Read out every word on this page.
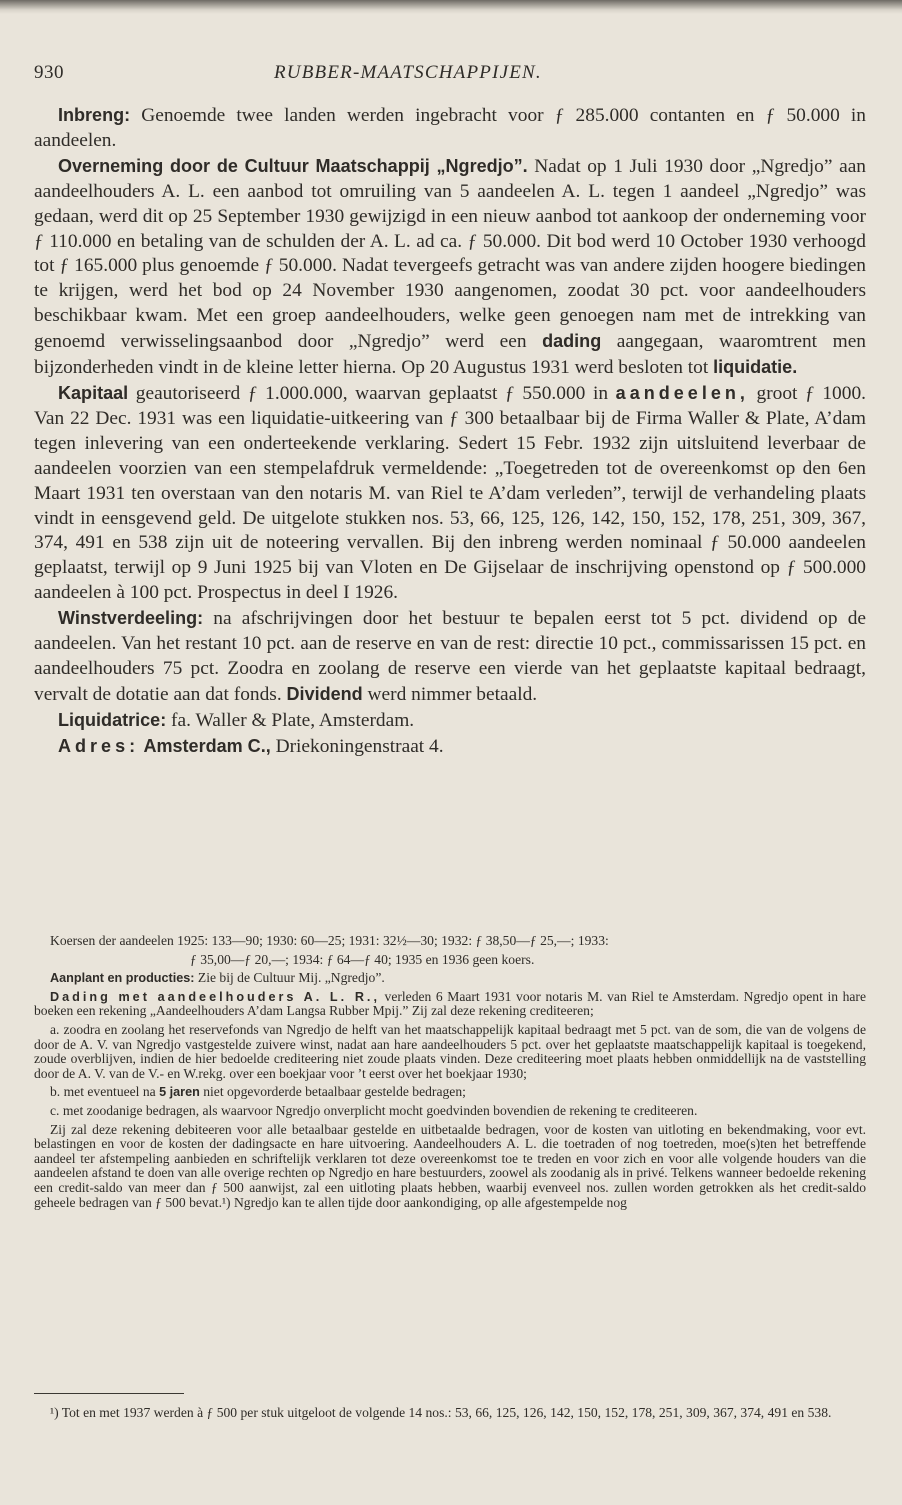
930	RUBBER-MAATSCHAPPIJEN.

Inbreng: Genoemde twee landen werden ingebracht voor ƒ 285.000 contanten en ƒ 50.000 in aandeelen.

Overneming door de Cultuur Maatschappij „Ngredjo”. Nadat op 1 Juli 1930 door „Ngredjo” aan aandeelhouders A. L. een aanbod tot omruiling van 5 aandeelen A. L. tegen 1 aandeel „Ngredjo” was gedaan, werd dit op 25 September 1930 gewijzigd in een nieuw aanbod tot aankoop der onderneming voor ƒ 110.000 en betaling van de schulden der A. L. ad ca. ƒ 50.000. Dit bod werd 10 October 1930 verhoogd tot ƒ 165.000 plus genoemde ƒ 50.000. Nadat tevergeefs getracht was van andere zijden hoogere biedingen te krijgen, werd het bod op 24 November 1930 aangenomen, zoodat 30 pct. voor aandeelhouders beschikbaar kwam. Met een groep aandeelhouders, welke geen genoegen nam met de intrekking van genoemd verwisselingsaanbod door „Ngredjo” werd een dading aangegaan, waaromtrent men bijzonderheden vindt in de kleine letter hierna. Op 20 Augustus 1931 werd besloten tot liquidatie.

Kapitaal geautoriseerd ƒ 1.000.000, waarvan geplaatst ƒ 550.000 in aandeelen, groot ƒ 1000. Van 22 Dec. 1931 was een liquidatie-uitkeering van ƒ 300 betaalbaar bij de Firma Waller & Plate, A’dam tegen inlevering van een onderteekende verklaring. Sedert 15 Febr. 1932 zijn uitsluitend leverbaar de aandeelen voorzien van een stempelafdruk vermeldende: „Toegetreden tot de overeenkomst op den 6en Maart 1931 ten overstaan van den notaris M. van Riel te A’dam verleden”, terwijl de verhandeling plaats vindt in eensgevend geld. De uitgelote stukken nos. 53, 66, 125, 126, 142, 150, 152, 178, 251, 309, 367, 374, 491 en 538 zijn uit de noteering vervallen. Bij den inbreng werden nominaal ƒ 50.000 aandeelen geplaatst, terwijl op 9 Juni 1925 bij van Vloten en De Gijselaar de inschrijving openstond op ƒ 500.000 aandeelen à 100 pct. Prospectus in deel I 1926.

Winstverdeeling: na afschrijvingen door het bestuur te bepalen eerst tot 5 pct. dividend op de aandeelen. Van het restant 10 pct. aan de reserve en van de rest: directie 10 pct., commissarissen 15 pct. en aandeelhouders 75 pct. Zoodra en zoolang de reserve een vierde van het geplaatste kapitaal bedraagt, vervalt de dotatie aan dat fonds. Dividend werd nimmer betaald.

Liquidatrice: fa. Waller & Plate, Amsterdam.

Adres: Amsterdam C., Driekoningenstraat 4.

Koersen der aandeelen 1925: 133—90; 1930: 60—25; 1931: 32½—30; 1932: ƒ 38,50—ƒ 25,—; 1933:

ƒ 35,00—ƒ 20,—; 1934: ƒ 64—ƒ 40; 1935 en 1936 geen koers.

Aanplant en producties: Zie bij de Cultuur Mij. „Ngredjo”.

Dading met aandeelhouders A. L. R., verleden 6 Maart 1931 voor notaris M. van Riel te Amsterdam. Ngredjo opent in hare boeken een rekening „Aandeelhouders A’dam Langsa Rubber Mpij.” Zij zal deze rekening crediteeren;

a. zoodra en zoolang het reservefonds van Ngredjo de helft van het maatschappelijk kapitaal bedraagt met 5 pct. van de som, die van de volgens de door de A. V. van Ngredjo vastgestelde zuivere winst, nadat aan hare aandeelhouders 5 pct. over het geplaatste maatschappelijk kapitaal is toegekend, zoude overblijven, indien de hier bedoelde crediteering niet zoude plaats vinden. Deze crediteering moet plaats hebben onmiddellijk na de vaststelling door de A. V. van de V.- en W.rekg. over een boekjaar voor ’t eerst over het boekjaar 1930;

b. met eventueel na 5 jaren niet opgevorderde betaalbaar gestelde bedragen;

c. met zoodanige bedragen, als waarvoor Ngredjo onverplicht mocht goedvinden bovendien de rekening te crediteeren.

Zij zal deze rekening debiteeren voor alle betaalbaar gestelde en uitbetaalde bedragen, voor de kosten van uitloting en bekendmaking, voor evt. belastingen en voor de kosten der dadingsacte en hare uitvoering. Aandeelhouders A. L. die toetraden of nog toetreden, moe(s)ten het betreffende aandeel ter afstempeling aanbieden en schriftelijk verklaren tot deze overeenkomst toe te treden en voor zich en voor alle volgende houders van die aandeelen afstand te doen van alle overige rechten op Ngredjo en hare bestuurders, zoowel als zoodanig als in privé. Telkens wanneer bedoelde rekening een credit-saldo van meer dan ƒ 500 aanwijst, zal een uitloting plaats hebben, waarbij evenveel nos. zullen worden getrokken als het credit-saldo geheele bedragen van ƒ 500 bevat.¹) Ngredjo kan te allen tijde door aankondiging, op alle afgestempelde nog

¹) Tot en met 1937 werden à ƒ 500 per stuk uitgeloot de volgende 14 nos.: 53, 66, 125, 126, 142, 150, 152, 178, 251, 309, 367, 374, 491 en 538.
